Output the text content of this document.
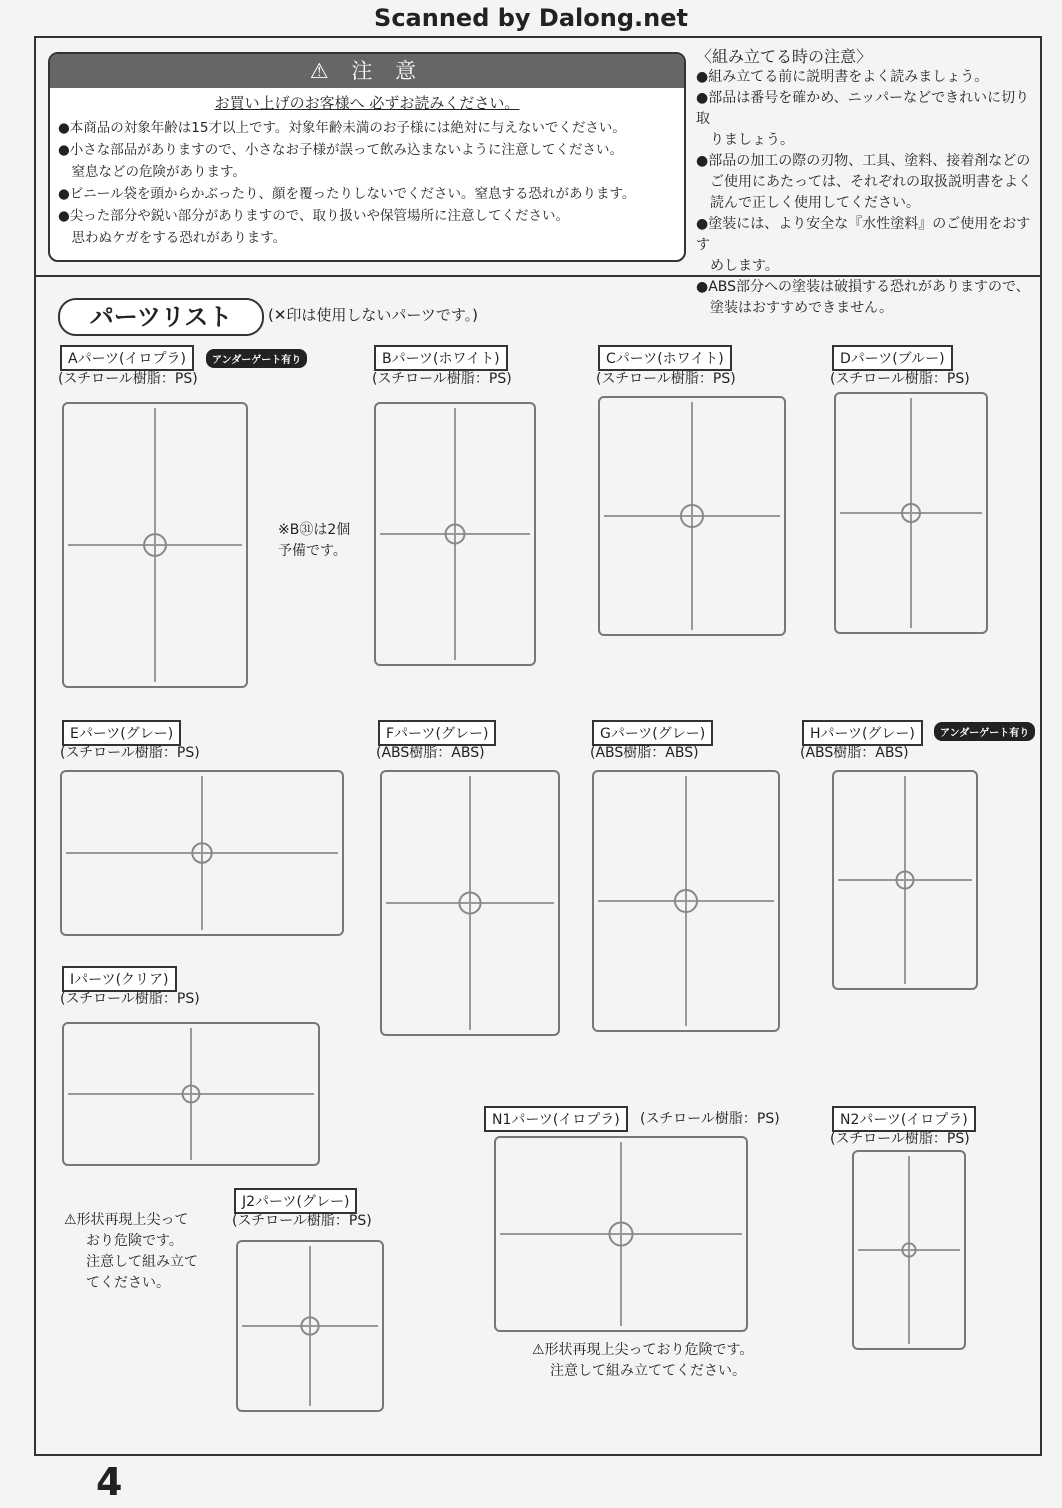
Scanned by Dalong.net
⚠ 注 意
お買い上げのお客様へ 必ずお読みください。
●本商品の対象年齢は15才以上です。対象年齢未満のお子様には絶対に与えないでください。
●小さな部品がありますので、小さなお子様が誤って飲み込まないように注意してください。
　窒息などの危険があります。
●ビニール袋を頭からかぶったり、顔を覆ったりしないでください。窒息する恐れがあります。
●尖った部分や鋭い部分がありますので、取り扱いや保管場所に注意してください。
　思わぬケガをする恐れがあります。
〈組み立てる時の注意〉
● 組み立てる前に説明書をよく読みましょう。
● 部品は番号を確かめ、ニッパーなどできれいに切り取
りましょう。
● 部品の加工の際の刃物、工具、塗料、接着剤などの
ご使用にあたっては、それぞれの取扱説明書をよく
読んで正しく使用してください。
● 塗装には、より安全な『水性塗料』のご使用をおすす
めします。
● ABS部分への塗装は破損する恐れがありますので、
塗装はおすすめできません。
パーツリスト	(✕印は使用しないパーツです。)
Aパーツ(イロプラ)	アンダーゲート有り
(スチロール樹脂：PS)
Bパーツ(ホワイト)
(スチロール樹脂：PS)
※B㉛は2個
予備です。
Cパーツ(ホワイト)
(スチロール樹脂：PS)
Dパーツ(ブルー)
(スチロール樹脂：PS)
Eパーツ(グレー)
(スチロール樹脂：PS)
Fパーツ(グレー)
(ABS樹脂：ABS)
Gパーツ(グレー)
(ABS樹脂：ABS)
Hパーツ(グレー)	アンダーゲート有り
(ABS樹脂：ABS)
Iパーツ(クリア)
(スチロール樹脂：PS)
J2パーツ(グレー)
(スチロール樹脂：PS)
⚠形状再現上尖って
おり危険です。
注意して組み立て
てください。
N1パーツ(イロプラ)	(スチロール樹脂：PS)
⚠形状再現上尖っており危険です。
注意して組み立ててください。
N2パーツ(イロプラ)
(スチロール樹脂：PS)
4
